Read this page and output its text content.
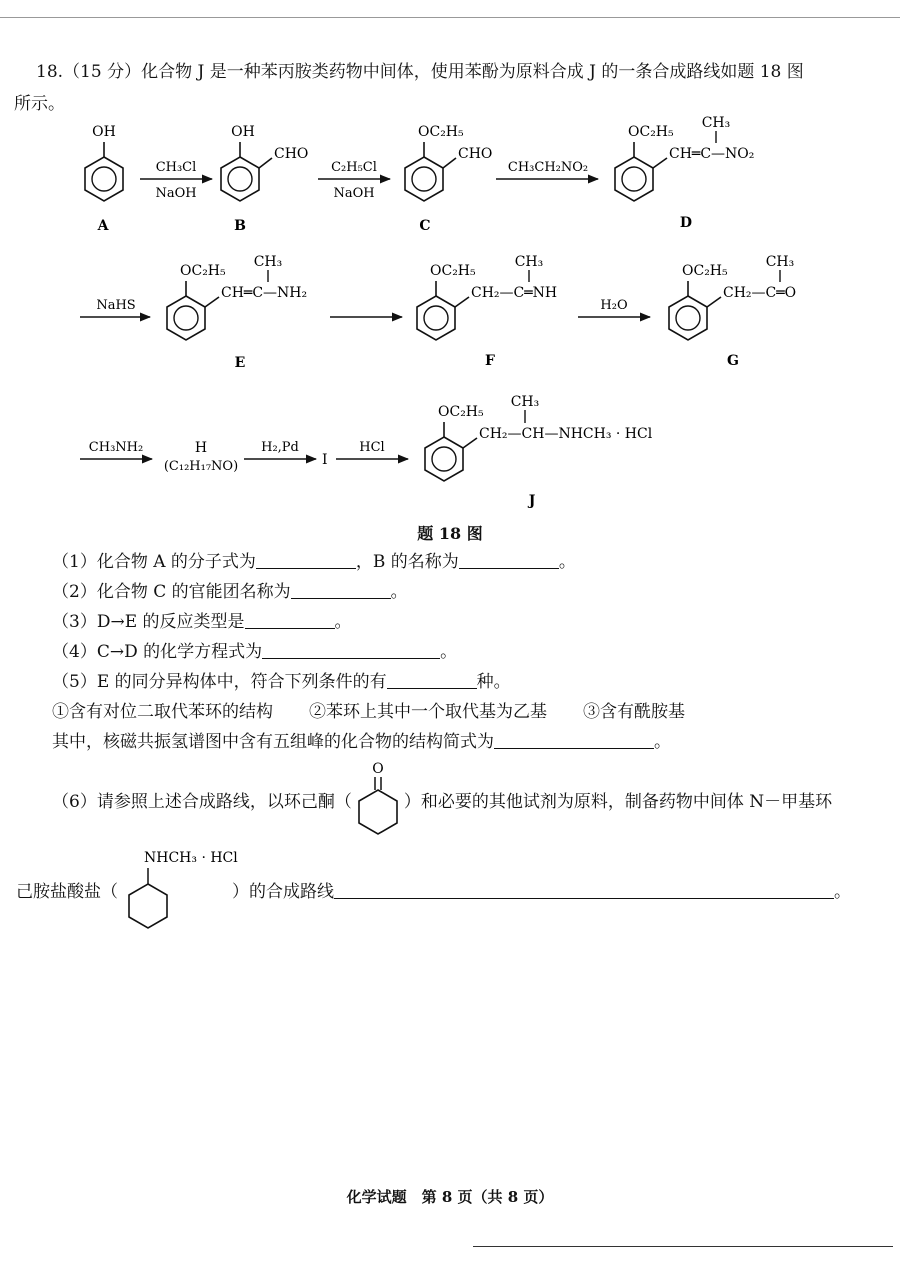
18.（15 分）化合物 J 是一种苯丙胺类药物中间体，使用苯酚为原料合成 J 的一条合成路线如题 18 图
所示。
OH
A
CH₃Cl
NaOH
OH
CHO
B
C₂H₅Cl
NaOH
OC₂H₅
CHO
C
CH₃CH₂NO₂
OC₂H₅
CH═C—NO₂
CH₃
D
NaHS
OC₂H₅
CH═C—NH₂
CH₃
E
OC₂H₅
CH₂—C═NH
CH₃
F
H₂O
OC₂H₅
CH₂—C═O
CH₃
G
CH₃NH₂	H
(C₁₂H₁₇NO)
H₂,Pd
I
HCl
OC₂H₅
CH₂—CH—NHCH₃ · HCl
CH₃
J
题 18 图
（1）化合物 A 的分子式为	，B 的名称为	。
（2）化合物 C 的官能团名称为	。
（3）D→E 的反应类型是	。
（4）C→D 的化学方程式为	。
（5）E 的同分异构体中，符合下列条件的有	种。
①含有对位二取代苯环的结构 ②苯环上其中一个取代基为乙基 ③含有酰胺基
其中，核磁共振氢谱图中含有五组峰的化合物的结构简式为	。
（6）请参照上述合成路线，以环己酮（	）和必要的其他试剂为原料，制备药物中间体 N－甲基环
O
己胺盐酸盐（	）的合成路线	。
NHCH₃ · HCl
化学试题　第 8 页（共 8 页）
